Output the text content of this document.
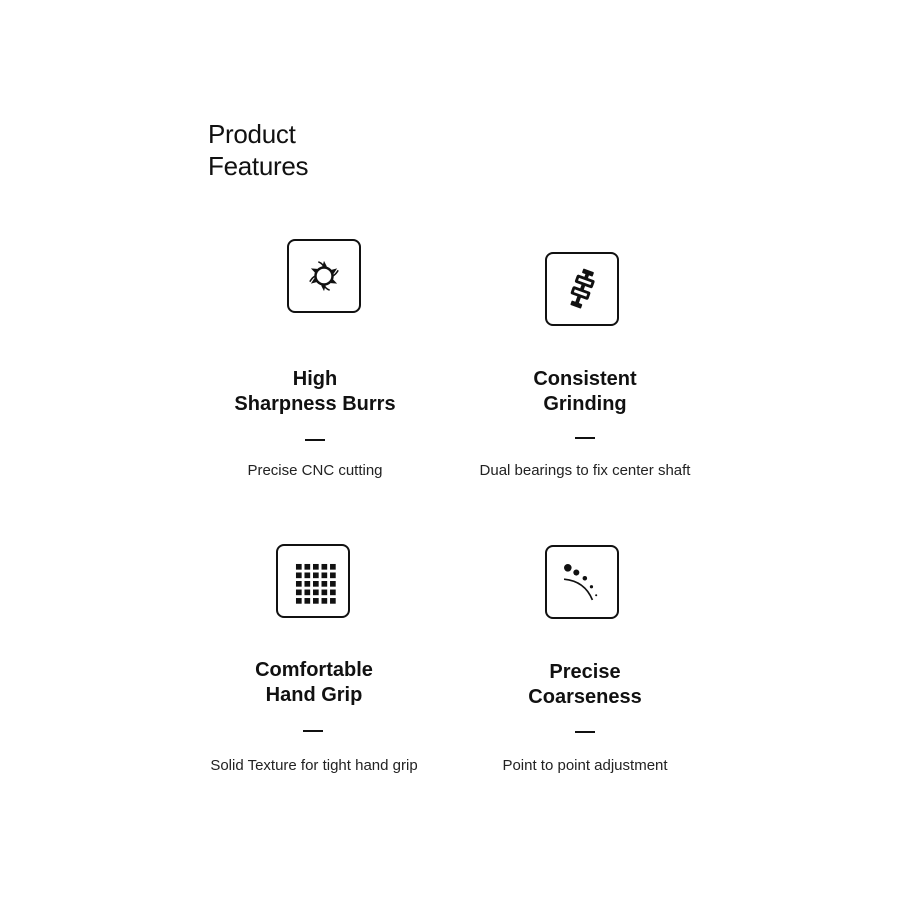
Product
Features
High
Sharpness Burrs

Precise CNC cutting

Consistent
Grinding

Dual bearings to fix center shaft

Comfortable
Hand Grip

Solid Texture for tight hand grip

Precise
Coarseness

Point to point adjustment
